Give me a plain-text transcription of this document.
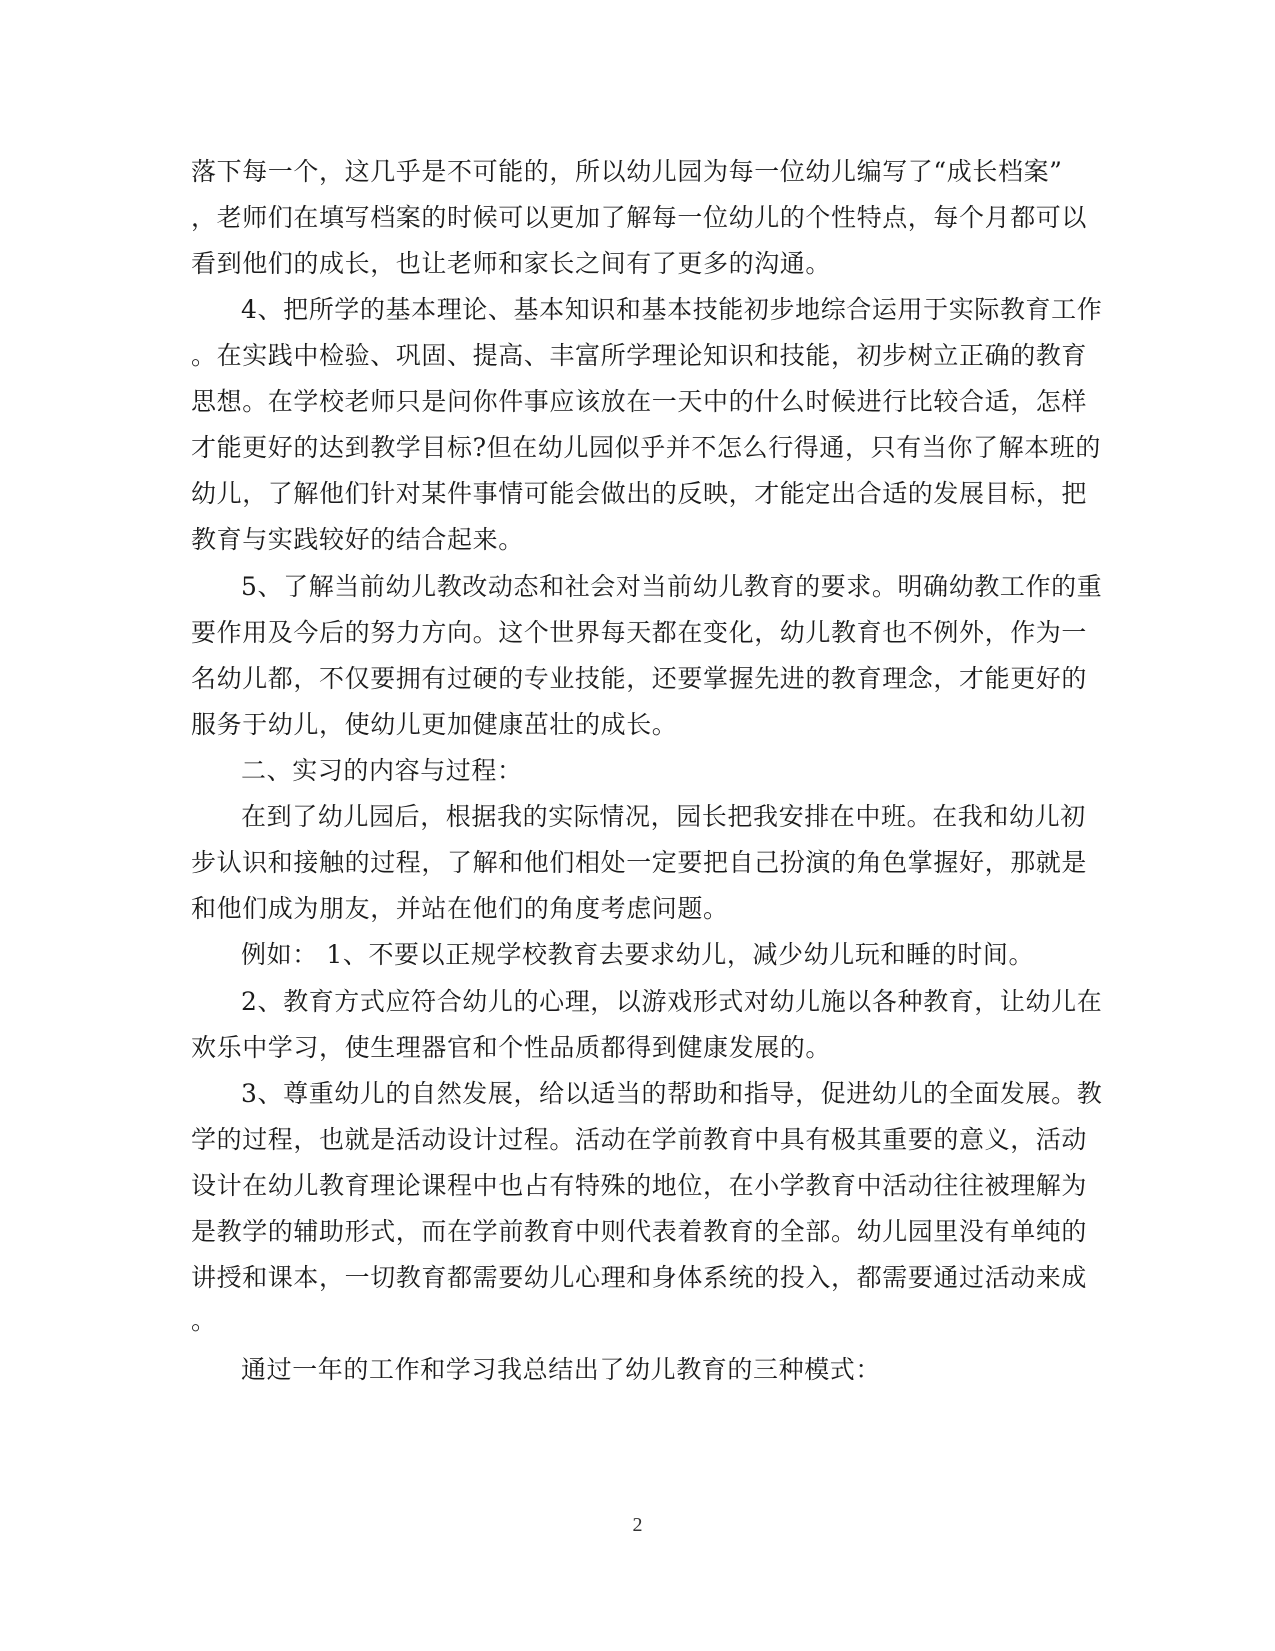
落下每一个，这几乎是不可能的，所以幼儿园为每一位幼儿编写了“成长档案”
，老师们在填写档案的时候可以更加了解每一位幼儿的个性特点，每个月都可以
看到他们的成长，也让老师和家长之间有了更多的沟通。
4、把所学的基本理论、基本知识和基本技能初步地综合运用于实际教育工作
。在实践中检验、巩固、提高、丰富所学理论知识和技能，初步树立正确的教育
思想。在学校老师只是问你件事应该放在一天中的什么时候进行比较合适，怎样
才能更好的达到教学目标?但在幼儿园似乎并不怎么行得通，只有当你了解本班的
幼儿，了解他们针对某件事情可能会做出的反映，才能定出合适的发展目标，把
教育与实践较好的结合起来。
5、了解当前幼儿教改动态和社会对当前幼儿教育的要求。明确幼教工作的重
要作用及今后的努力方向。这个世界每天都在变化，幼儿教育也不例外，作为一
名幼儿都，不仅要拥有过硬的专业技能，还要掌握先进的教育理念，才能更好的
服务于幼儿，使幼儿更加健康茁壮的成长。
二、实习的内容与过程：
在到了幼儿园后，根据我的实际情况，园长把我安排在中班。在我和幼儿初
步认识和接触的过程，了解和他们相处一定要把自己扮演的角色掌握好，那就是
和他们成为朋友，并站在他们的角度考虑问题。
例如： 1、不要以正规学校教育去要求幼儿，减少幼儿玩和睡的时间。
2、教育方式应符合幼儿的心理，以游戏形式对幼儿施以各种教育，让幼儿在
欢乐中学习，使生理器官和个性品质都得到健康发展的。
3、尊重幼儿的自然发展，给以适当的帮助和指导，促进幼儿的全面发展。教
学的过程，也就是活动设计过程。活动在学前教育中具有极其重要的意义，活动
设计在幼儿教育理论课程中也占有特殊的地位，在小学教育中活动往往被理解为
是教学的辅助形式，而在学前教育中则代表着教育的全部。幼儿园里没有单纯的
讲授和课本，一切教育都需要幼儿心理和身体系统的投入，都需要通过活动来成
。
通过一年的工作和学习我总结出了幼儿教育的三种模式：
2
